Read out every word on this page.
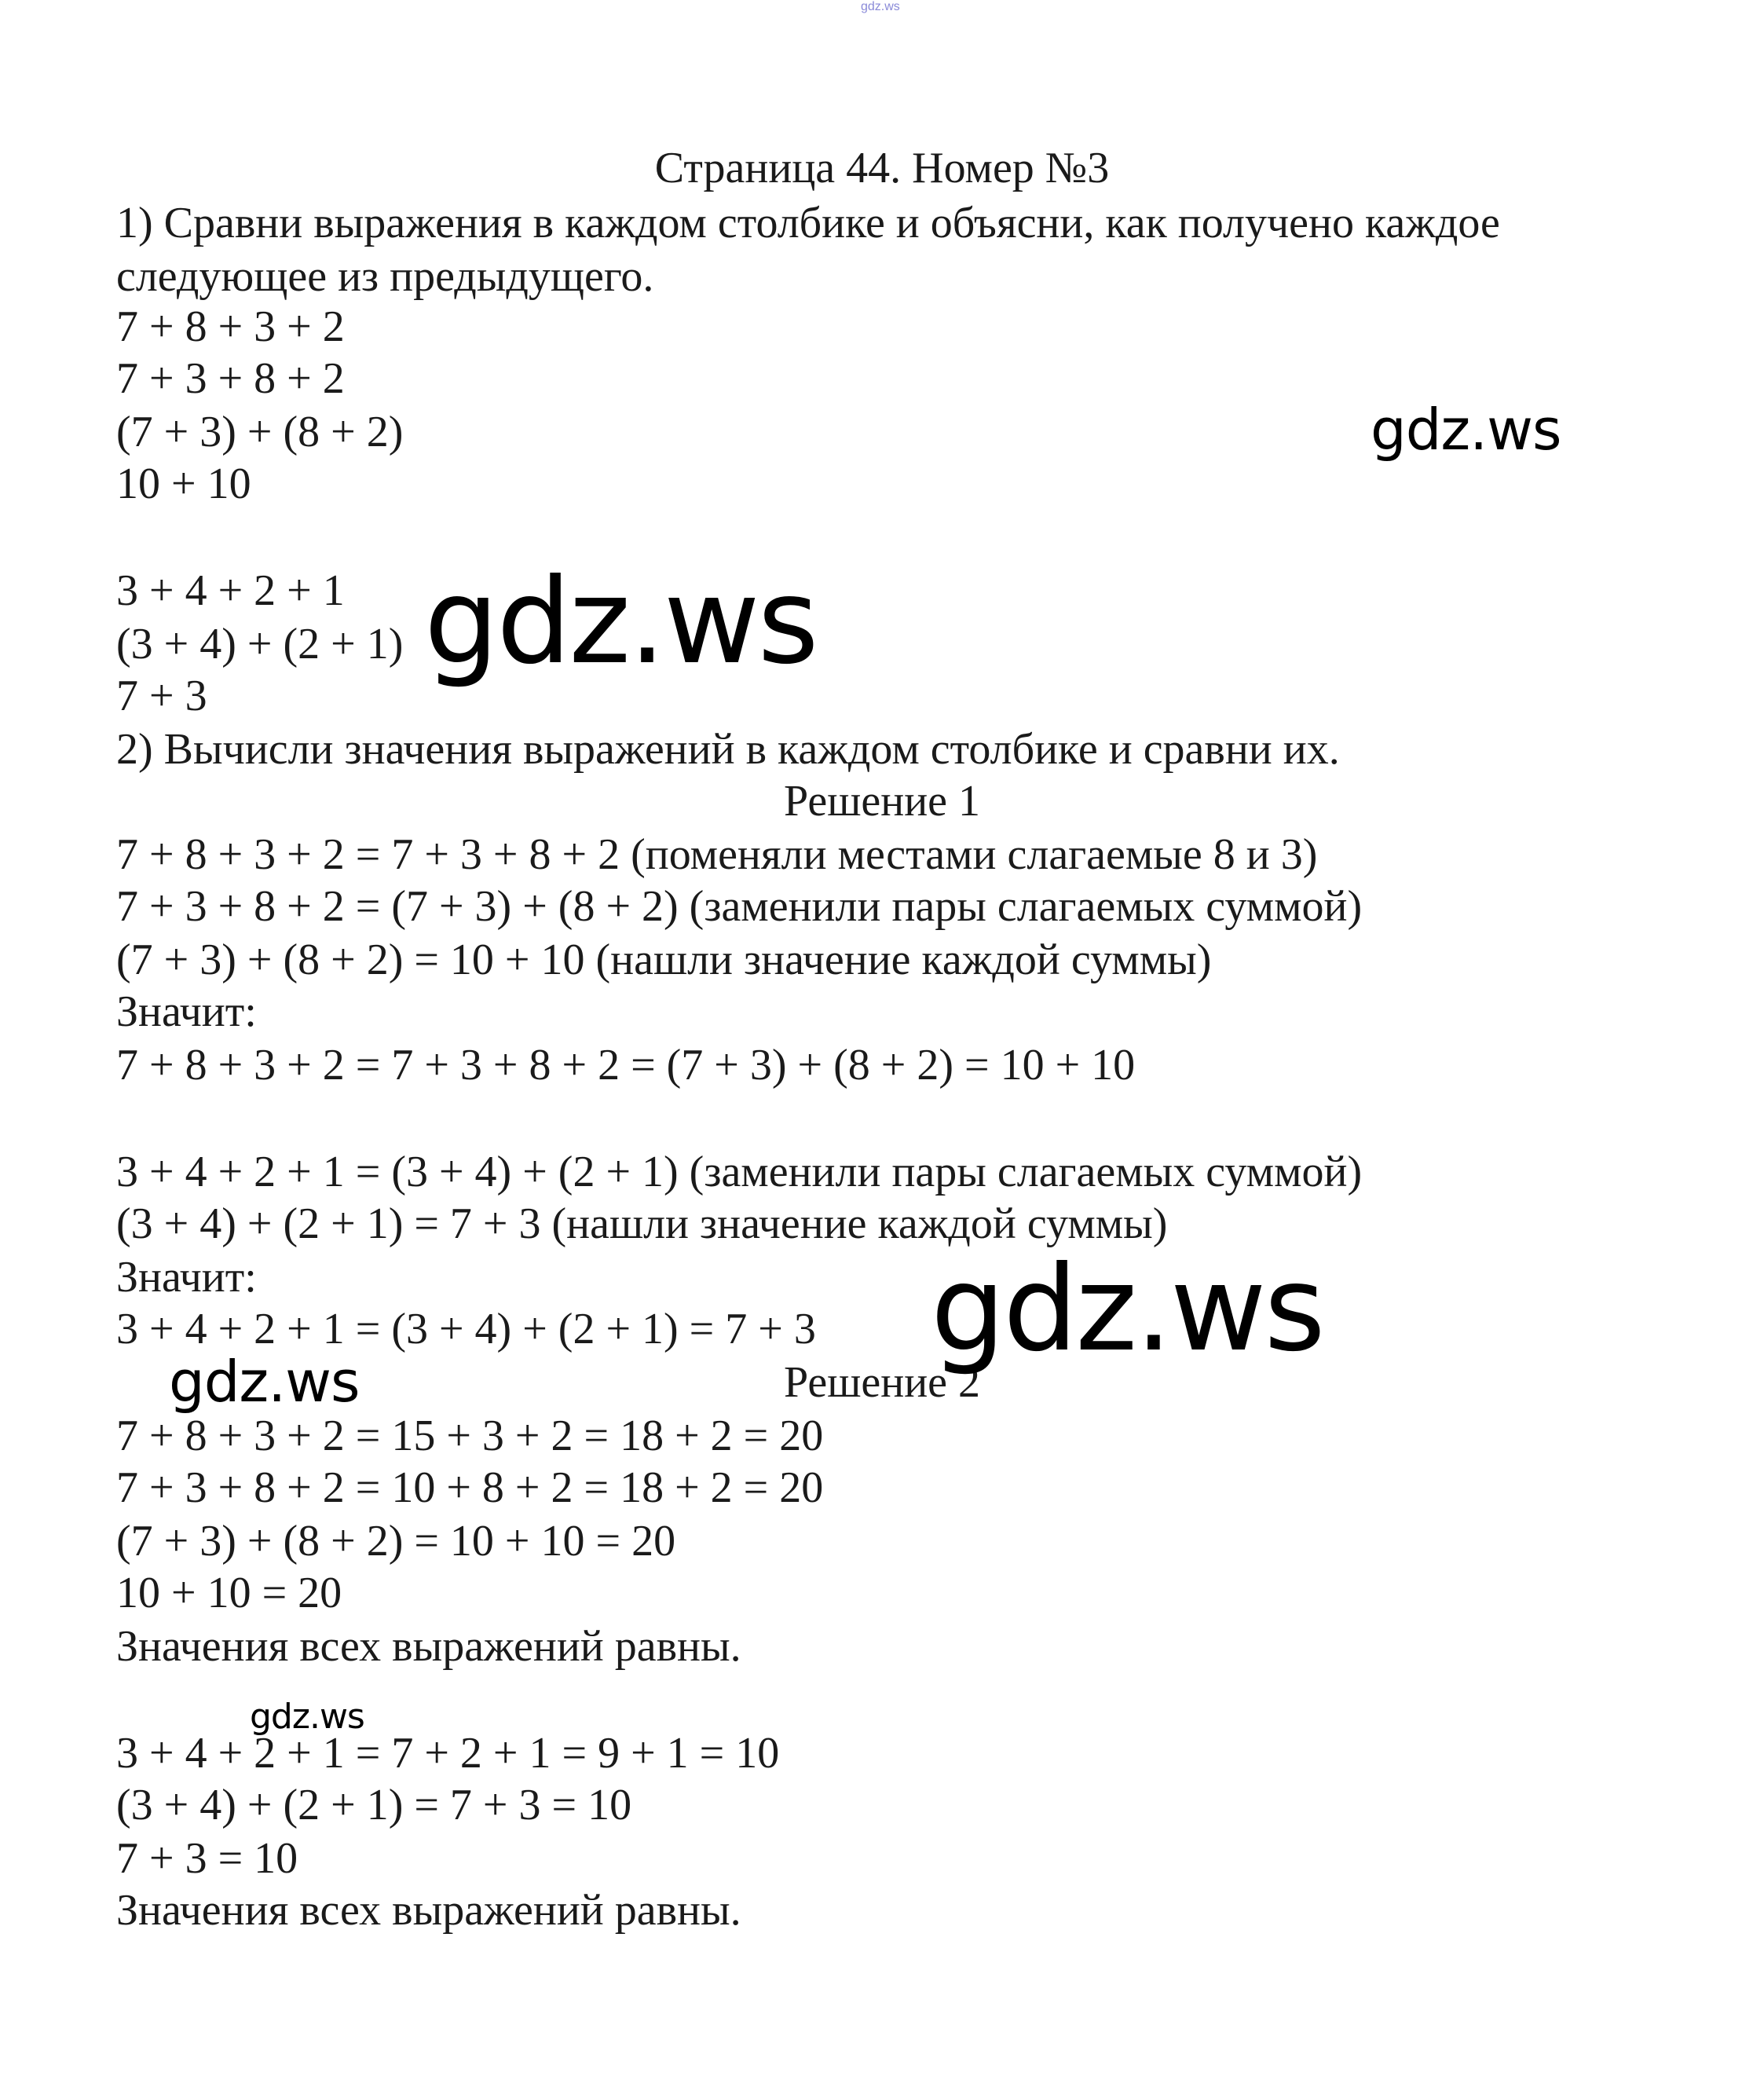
gdz.ws
Страница 44. Номер №3
1) Сравни выражения в каждом столбике и объясни, как получено каждое
следующее из предыдущего.
7 + 8 + 3 + 2
7 + 3 + 8 + 2
(7 + 3) + (8 + 2)
10 + 10
3 + 4 + 2 + 1
(3 + 4) + (2 + 1)
7 + 3
2) Вычисли значения выражений в каждом столбике и сравни их.
Решение 1
7 + 8 + 3 + 2 = 7 + 3 + 8 + 2 (поменяли местами слагаемые 8 и 3)
7 + 3 + 8 + 2 = (7 + 3) + (8 + 2) (заменили пары слагаемых суммой)
(7 + 3) + (8 + 2) = 10 + 10 (нашли значение каждой суммы)
Значит:
7 + 8 + 3 + 2 = 7 + 3 + 8 + 2 = (7 + 3) + (8 + 2) = 10 + 10
3 + 4 + 2 + 1 = (3 + 4) + (2 + 1) (заменили пары слагаемых суммой)
(3 + 4) + (2 + 1) = 7 + 3 (нашли значение каждой суммы)
Значит:
3 + 4 + 2 + 1 = (3 + 4) + (2 + 1) = 7 + 3
Решение 2
7 + 8 + 3 + 2 = 15 + 3 + 2 = 18 + 2 = 20
7 + 3 + 8 + 2 = 10 + 8 + 2 = 18 + 2 = 20
(7 + 3) + (8 + 2) = 10 + 10 = 20
10 + 10 = 20
Значения всех выражений равны.
3 + 4 + 2 + 1 = 7 + 2 + 1 = 9 + 1 = 10
(3 + 4) + (2 + 1) = 7 + 3 = 10
7 + 3 = 10
Значения всех выражений равны.
gdz.ws
gdz.ws
gdz.ws
gdz.ws
gdz.ws
